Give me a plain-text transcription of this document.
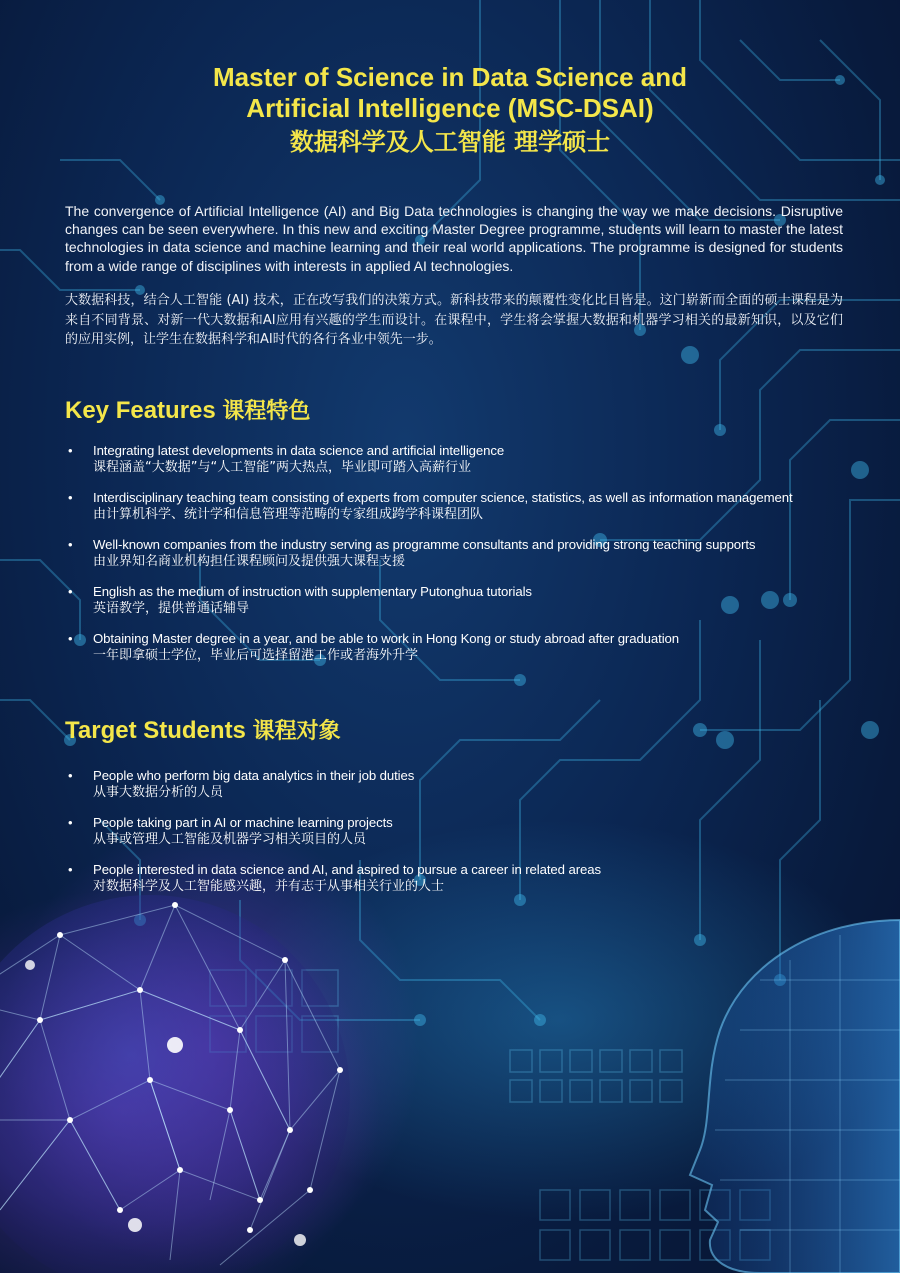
Master of Science in Data Science and
Artificial Intelligence (MSC-DSAI)
数据科学及人工智能 理学硕士

The convergence of Artificial Intelligence (AI) and Big Data technologies is changing the way we make decisions. Disruptive changes can be seen everywhere. In this new and exciting Master Degree programme, students will learn to master the latest technologies in data science and machine learning and their real world applications. The programme is designed for students from a wide range of disciplines with interests in applied AI technologies.

大数据科技，结合人工智能 (AI) 技术，正在改写我们的决策方式。新科技带来的颠覆性变化比目皆是。这门崭新而全面的硕士课程是为来自不同背景、对新一代大数据和AI应用有兴趣的学生而设计。在课程中，学生将会掌握大数据和机器学习相关的最新知识，以及它们的应用实例，让学生在数据科学和AI时代的各行各业中领先一步。

Key Features 课程特色
• Integrating latest developments in data science and artificial intelligence
课程涵盖“大数据”与“人工智能”两大热点，毕业即可踏入高薪行业
• Interdisciplinary teaching team consisting of experts from computer science, statistics, as well as information management
由计算机科学、统计学和信息管理等范畴的专家组成跨学科课程团队
• Well-known companies from the industry serving as programme consultants and providing strong teaching supports
由业界知名商业机构担任课程顾问及提供强大课程支援
• English as the medium of instruction with supplementary Putonghua tutorials
英语教学，提供普通话辅导
• Obtaining Master degree in a year, and be able to work in Hong Kong or study abroad after graduation
一年即拿硕士学位，毕业后可选择留港工作或者海外升学
Target Students 课程对象
• People who perform big data analytics in their job duties
从事大数据分析的人员
• People taking part in AI or machine learning projects
从事或管理人工智能及机器学习相关项目的人员
• People interested in data science and AI, and aspired to pursue a career in related areas
对数据科学及人工智能感兴趣，并有志于从事相关行业的人士
